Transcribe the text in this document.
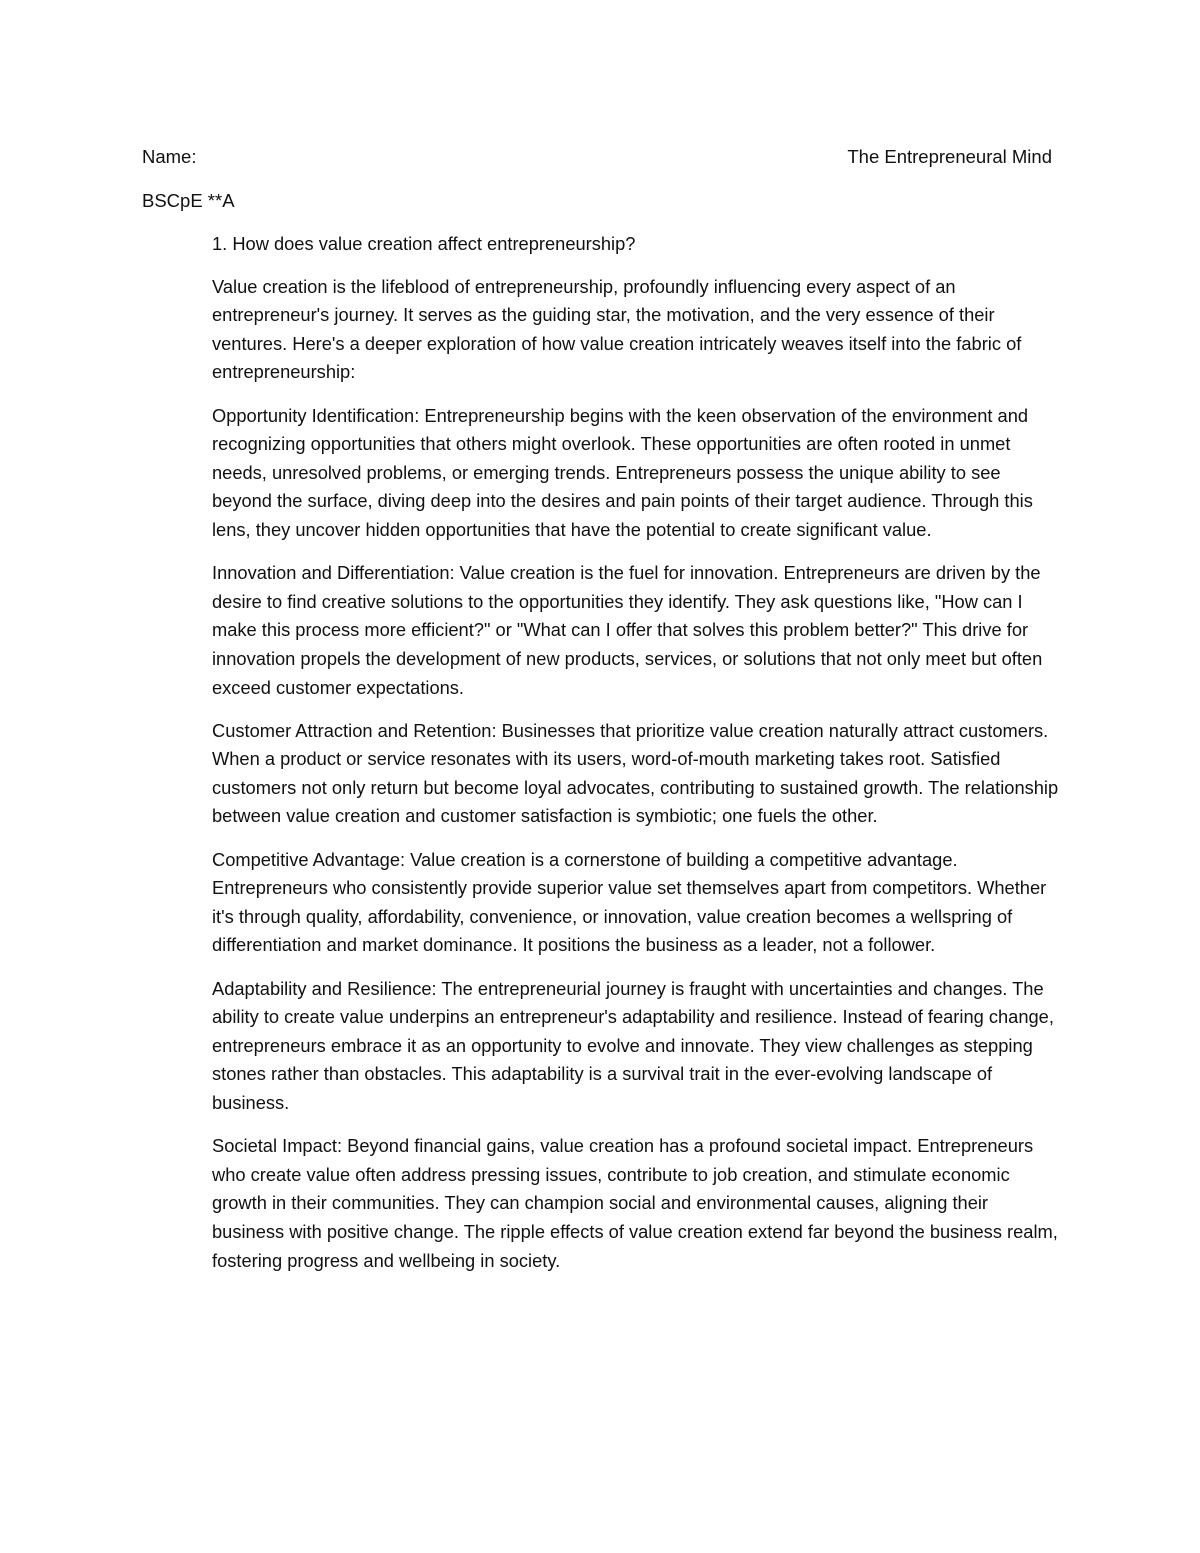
Name:	The Entrepreneural Mind
BSCpE **A

1. How does value creation affect entrepreneurship?

Value creation is the lifeblood of entrepreneurship, profoundly influencing every aspect of an entrepreneur's journey. It serves as the guiding star, the motivation, and the very essence of their ventures. Here's a deeper exploration of how value creation intricately weaves itself into the fabric of entrepreneurship:

Opportunity Identification: Entrepreneurship begins with the keen observation of the environment and recognizing opportunities that others might overlook. These opportunities are often rooted in unmet needs, unresolved problems, or emerging trends. Entrepreneurs possess the unique ability to see beyond the surface, diving deep into the desires and pain points of their target audience. Through this lens, they uncover hidden opportunities that have the potential to create significant value.

Innovation and Differentiation: Value creation is the fuel for innovation. Entrepreneurs are driven by the desire to find creative solutions to the opportunities they identify. They ask questions like, "How can I make this process more efficient?" or "What can I offer that solves this problem better?" This drive for innovation propels the development of new products, services, or solutions that not only meet but often exceed customer expectations.

Customer Attraction and Retention: Businesses that prioritize value creation naturally attract customers. When a product or service resonates with its users, word-of-mouth marketing takes root. Satisfied customers not only return but become loyal advocates, contributing to sustained growth. The relationship between value creation and customer satisfaction is symbiotic; one fuels the other.

Competitive Advantage: Value creation is a cornerstone of building a competitive advantage. Entrepreneurs who consistently provide superior value set themselves apart from competitors. Whether it's through quality, affordability, convenience, or innovation, value creation becomes a wellspring of differentiation and market dominance. It positions the business as a leader, not a follower.

Adaptability and Resilience: The entrepreneurial journey is fraught with uncertainties and changes. The ability to create value underpins an entrepreneur's adaptability and resilience. Instead of fearing change, entrepreneurs embrace it as an opportunity to evolve and innovate. They view challenges as stepping stones rather than obstacles. This adaptability is a survival trait in the ever-evolving landscape of business.

Societal Impact: Beyond financial gains, value creation has a profound societal impact. Entrepreneurs who create value often address pressing issues, contribute to job creation, and stimulate economic growth in their communities. They can champion social and environmental causes, aligning their business with positive change. The ripple effects of value creation extend far beyond the business realm, fostering progress and wellbeing in society.
